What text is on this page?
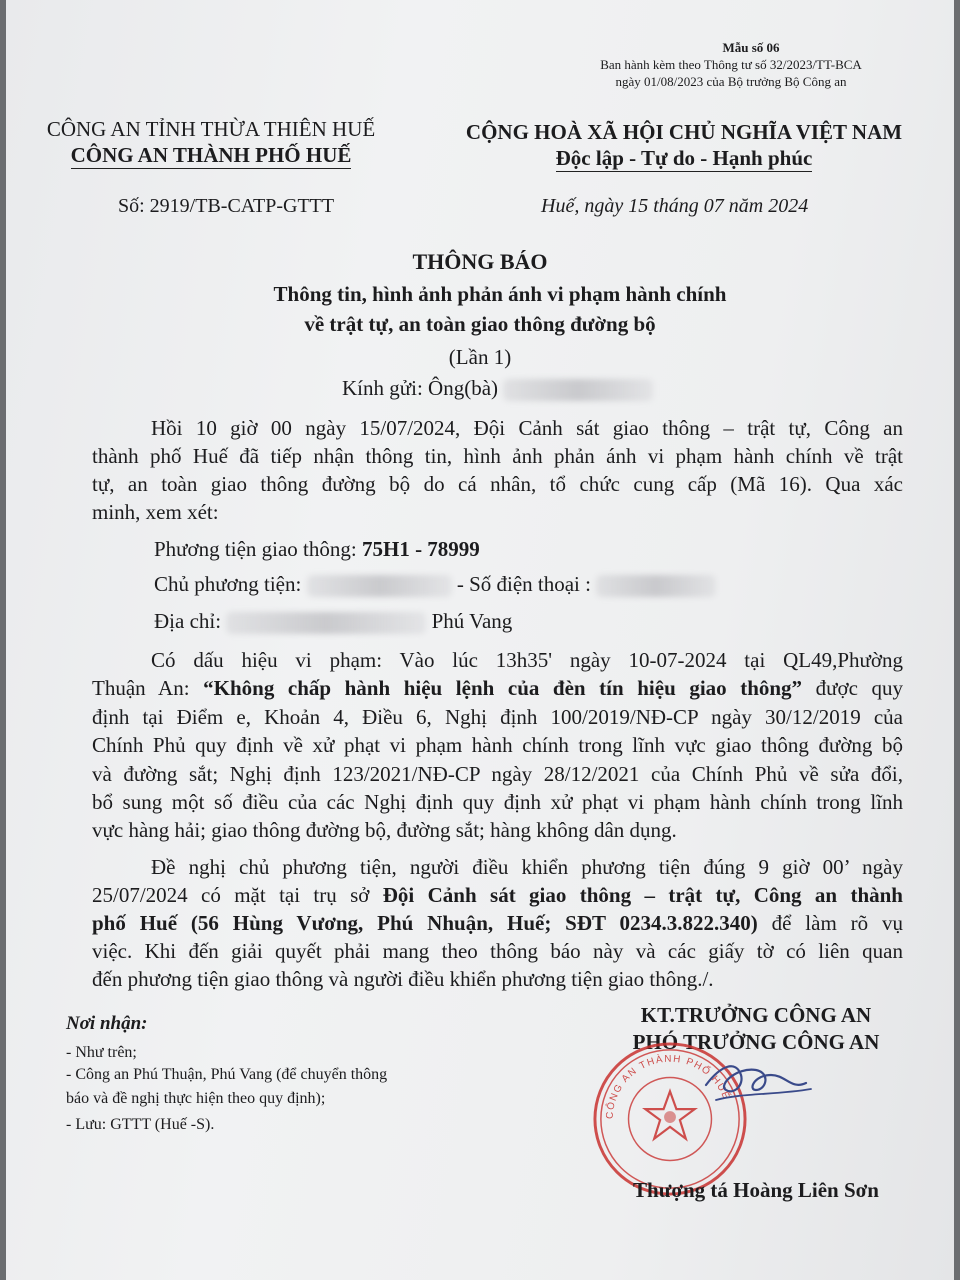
Mẫu số 06
Ban hành kèm theo Thông tư số 32/2023/TT-BCA
ngày 01/08/2023 của Bộ trưởng Bộ Công an
CÔNG AN TỈNH THỪA THIÊN HUẾ
CÔNG AN THÀNH PHỐ HUẾ
Số: 2919/TB-CATP-GTTT
CỘNG HOÀ XÃ HỘI CHỦ NGHĨA VIỆT NAM
Độc lập - Tự do - Hạnh phúc
Huế, ngày 15 tháng 07 năm 2024
THÔNG BÁO
Thông tin, hình ảnh phản ánh vi phạm hành chính
về trật tự, an toàn giao thông đường bộ
(Lần 1)
Kính gửi: Ông(bà)
Hồi 10 giờ 00 ngày 15/07/2024, Đội Cảnh sát giao thông – trật tự, Công an
thành phố Huế đã tiếp nhận thông tin, hình ảnh phản ánh vi phạm hành chính về trật
tự, an toàn giao thông đường bộ do cá nhân, tổ chức cung cấp (Mã 16). Qua xác
minh, xem xét:
Phương tiện giao thông: 75H1 - 78999
Chủ phương tiện:	- Số điện thoại :
Địa chỉ:	Phú Vang
Có dấu hiệu vi phạm: Vào lúc 13h35' ngày 10-07-2024 tại QL49,Phường
Thuận An: “Không chấp hành hiệu lệnh của đèn tín hiệu giao thông” được quy
định tại Điểm e, Khoản 4, Điều 6, Nghị định 100/2019/NĐ-CP ngày 30/12/2019 của
Chính Phủ quy định về xử phạt vi phạm hành chính trong lĩnh vực giao thông đường bộ
và đường sắt; Nghị định 123/2021/NĐ-CP ngày 28/12/2021 của Chính Phủ về sửa đổi,
bổ sung một số điều của các Nghị định quy định xử phạt vi phạm hành chính trong lĩnh
vực hàng hải; giao thông đường bộ, đường sắt; hàng không dân dụng.
Đề nghị chủ phương tiện, người điều khiển phương tiện đúng 9 giờ 00’ ngày
25/07/2024 có mặt tại trụ sở Đội Cảnh sát giao thông – trật tự, Công an thành
phố Huế (56 Hùng Vương, Phú Nhuận, Huế; SĐT 0234.3.822.340) để làm rõ vụ
việc. Khi đến giải quyết phải mang theo thông báo này và các giấy tờ có liên quan
đến phương tiện giao thông và người điều khiển phương tiện giao thông./.
Nơi nhận:
- Như trên;
- Công an Phú Thuận, Phú Vang (để chuyển thông
báo và đề nghị thực hiện theo quy định);
- Lưu: GTTT (Huế -S).
KT.TRƯỞNG CÔNG AN
PHÓ TRƯỞNG CÔNG AN
CÔNG AN THÀNH PHỐ HUẾ
Thượng tá Hoàng Liên Sơn
